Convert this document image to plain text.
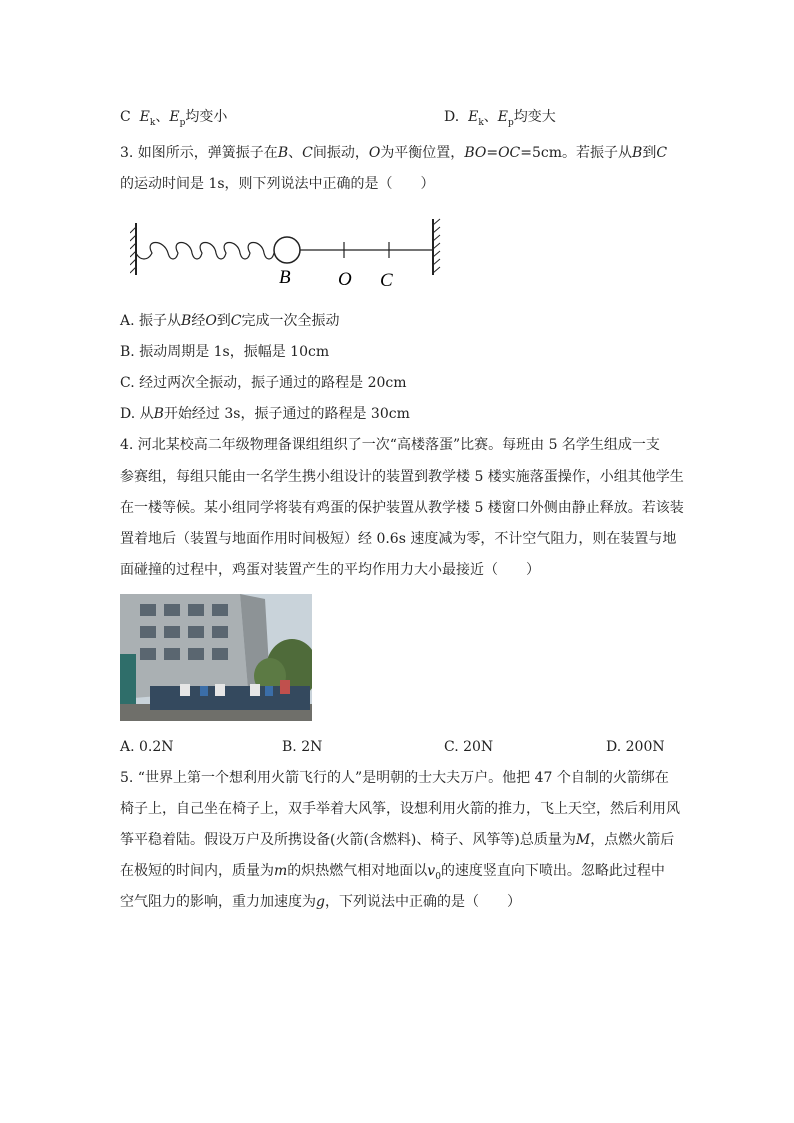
C $E_k$、$E_p$均变小	D. $E_k$、$E_p$均变大
3. 如图所示，弹簧振子在B、C间振动，O为平衡位置，BO=OC=5cm。若振子从B到C
的运动时间是 1s，则下列说法中正确的是（　　）
B O C
A. 振子从B经O到C完成一次全振动
B. 振动周期是 1s，振幅是 10cm
C. 经过两次全振动，振子通过的路程是 20cm
D. 从B开始经过 3s，振子通过的路程是 30cm
4. 河北某校高二年级物理备课组组织了一次“高楼落蛋”比赛。每班由 5 名学生组成一支
参赛组，每组只能由一名学生携小组设计的装置到教学楼 5 楼实施落蛋操作，小组其他学生
在一楼等候。某小组同学将装有鸡蛋的保护装置从教学楼 5 楼窗口外侧由静止释放。若该装
置着地后（装置与地面作用时间极短）经 0.6s 速度减为零，不计空气阻力，则在装置与地
面碰撞的过程中，鸡蛋对装置产生的平均作用力大小最接近（　　）
A. 0.2N	B. 2N	C. 20N	D. 200N
5. “世界上第一个想利用火箭飞行的人”是明朝的士大夫万户。他把 47 个自制的火箭绑在
椅子上，自己坐在椅子上，双手举着大风筝，设想利用火箭的推力，飞上天空，然后利用风
筝平稳着陆。假设万户及所携设备(火箭(含燃料)、椅子、风筝等)总质量为M，点燃火箭后
在极短的时间内，质量为m的炽热燃气相对地面以$v_0$的速度竖直向下喷出。忽略此过程中
空气阻力的影响，重力加速度为g，下列说法中正确的是（　　）
